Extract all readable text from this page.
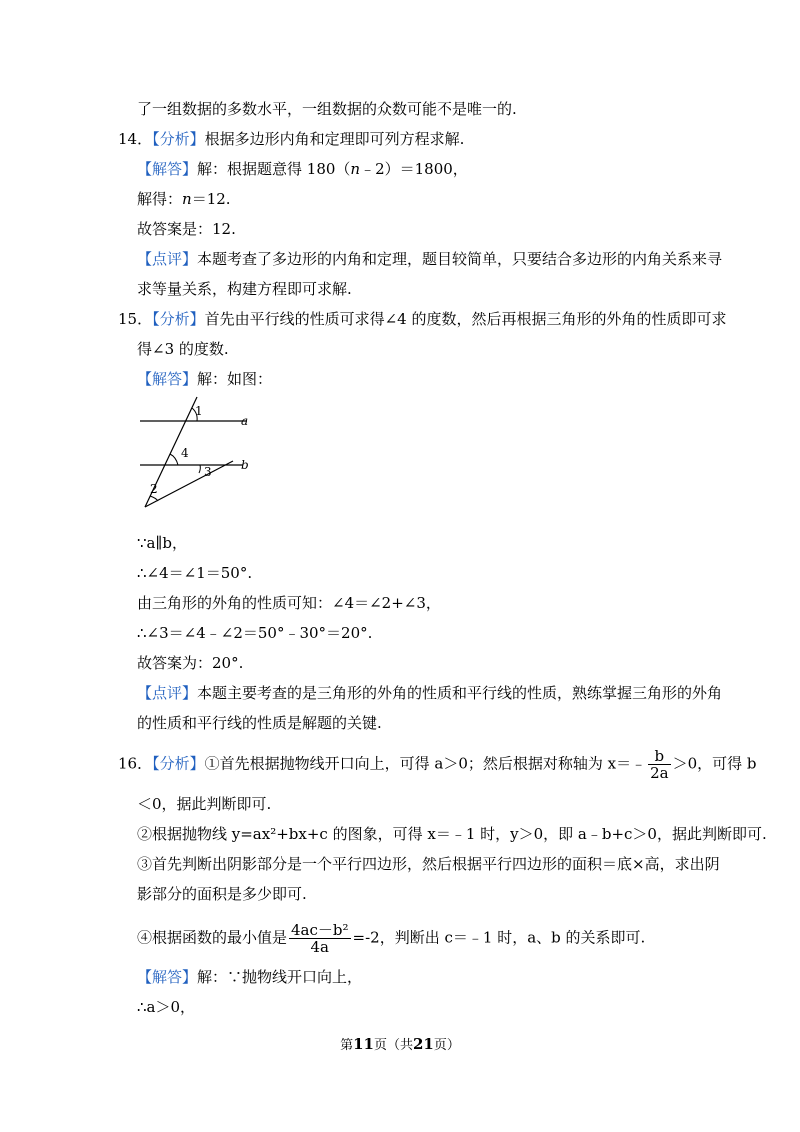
了一组数据的多数水平，一组数据的众数可能不是唯一的.
14．【分析】根据多边形内角和定理即可列方程求解.
【解答】解：根据题意得 180（n﹣2）＝1800，
解得：n＝12.
故答案是：12.
【点评】本题考查了多边形的内角和定理，题目较简单，只要结合多边形的内角关系来寻
求等量关系，构建方程即可求解.
15．【分析】首先由平行线的性质可求得∠4 的度数，然后再根据三角形的外角的性质即可求
得∠3 的度数.
【解答】解：如图：
1
a
4
3 b
2
∵a∥b，
∴∠4＝∠1＝50°.
由三角形的外角的性质可知：∠4＝∠2+∠3，
∴∠3＝∠4﹣∠2＝50°﹣30°＝20°.
故答案为：20°.
【点评】本题主要考查的是三角形的外角的性质和平行线的性质，熟练掌握三角形的外角
的性质和平行线的性质是解题的关键.
16．【分析】①首先根据抛物线开口向上，可得 a＞0；然后根据对称轴为 x＝﹣ $\frac{b}{2a} >0$，可得 b
＜0，据此判断即可.
②根据抛物线 y=ax²+bx+c 的图象，可得 x＝﹣1 时，y＞0，即 a﹣b+c＞0，据此判断即可.
③首先判断出阴影部分是一个平行四边形，然后根据平行四边形的面积＝底×高，求出阴
影部分的面积是多少即可.
④根据函数的最小值是 $\frac{\text{4ac－b²}}{4a} =-2$，判断出 c＝﹣1 时，a、b 的关系即可.
【解答】解：∵抛物线开口向上，
∴a＞0，
第11页（共21页）
